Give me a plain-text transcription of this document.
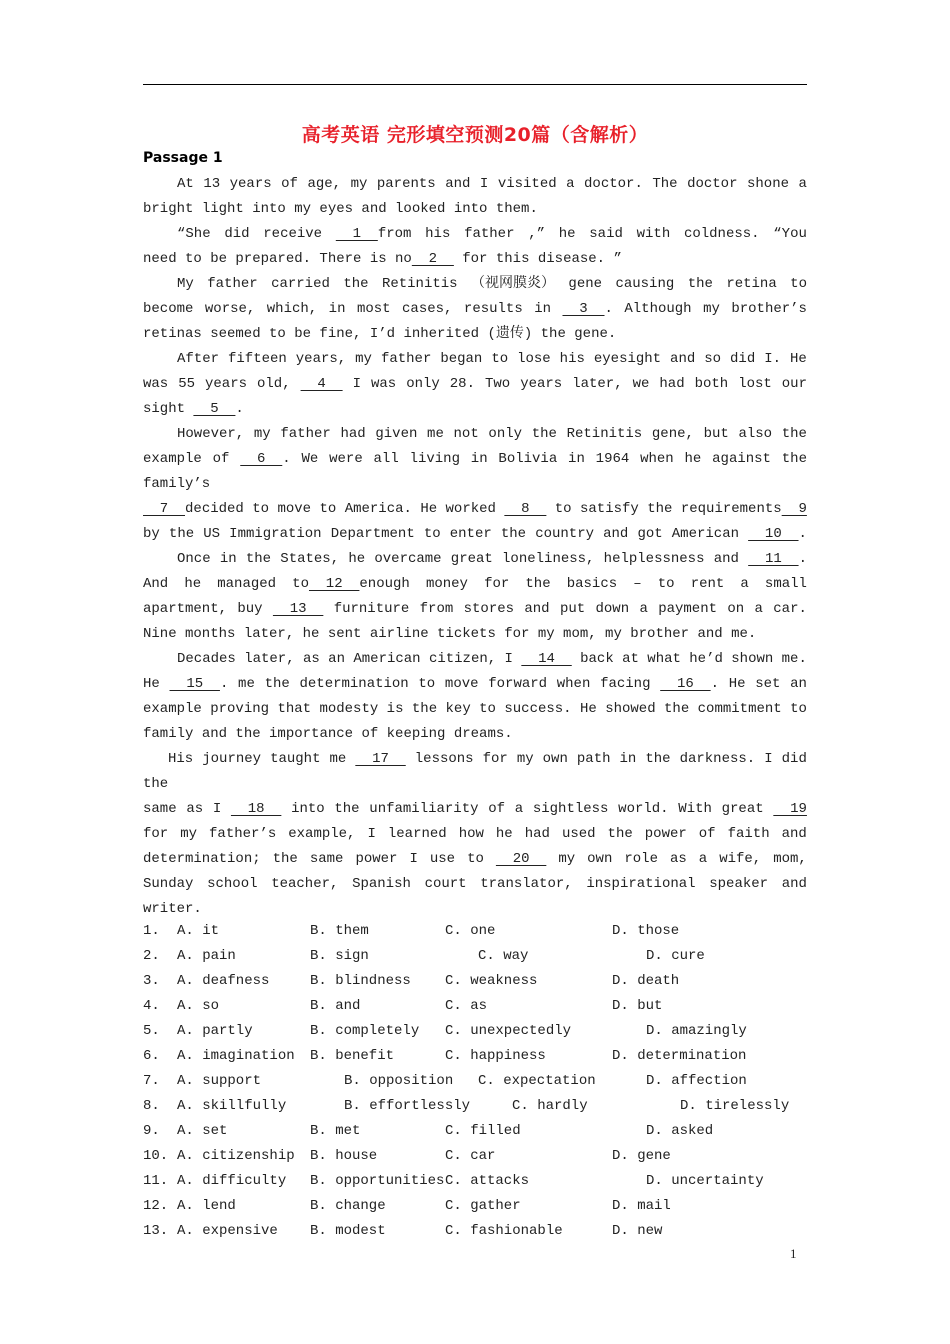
高考英语 完形填空预测20篇（含解析）
Passage 1
At 13 years of age, my parents and I visited a doctor. The doctor shone a
bright light into my eyes and looked into them.
“She did receive 1  from his father ,” he said with coldness. “You
need to be prepared. There is no  2 for this disease. ”
My father carried the Retinitis （视网膜炎） gene causing the retina to
become worse, which, in most cases, results in 3  . Although my brother’s
retinas seemed to be fine, I’d inherited (遗传) the gene.
After fifteen years, my father began to lose his eyesight and so did I. He
was 55 years old, 4 I was only 28. Two years later, we had both lost our
sight 5  .
However, my father had given me not only the Retinitis gene, but also the
example of 6  . We were all living in Bolivia in 1964 when he against the
family’s
7  decided to move to America. He worked 8 to satisfy the requirements  9
by the US Immigration Department to enter the country and got American 10  .
Once in the States, he overcame great loneliness, helplessness and 11  .
And he managed to  12  enough money for the basics – to rent a small
apartment, buy 13 furniture from stores and put down a payment on a car.
Nine months later, he sent airline tickets for my mom, my brother and me.
Decades later, as an American citizen, I 14 back at what he’d shown me.
He 15  . me the determination to move forward when facing 16  . He set an
example proving that modesty is the key to success. He showed the commitment to
family and the importance of keeping dreams.
His journey taught me 17 lessons for my own path in the darkness. I did
the
same as I 18 into the unfamiliarity of a sightless world. With great 19
for my father’s example, I learned how he had used the power of faith and
determination; the same power I use to 20 my own role as a wife, mom,
Sunday school teacher, Spanish court translator, inspirational speaker and
writer.
1. A. it	B. them	C. one	D. those
2. A. pain	B. sign	C. way	D. cure
3. A. deafness	B. blindness C. weakness	D. death
4. A. so	B. and	C. as	D. but
5. A. partly	B. completely C. unexpectedly	D. amazingly
6. A. imagination B. benefit	C. happiness	D. determination
7. A. support	B. opposition C. expectation	D. affection
8. A. skillfully	B. effortlessly	C. hardly	D. tirelessly
9. A. set	B. met	C. filled	D. asked
10. A. citizenship B. house	C. car	D. gene
11. A. difficulty B. opportunities C. attacks	D. uncertainty
12. A. lend	B. change	C. gather	D. mail
13. A. expensive B. modest	C. fashionable	D. new
1
